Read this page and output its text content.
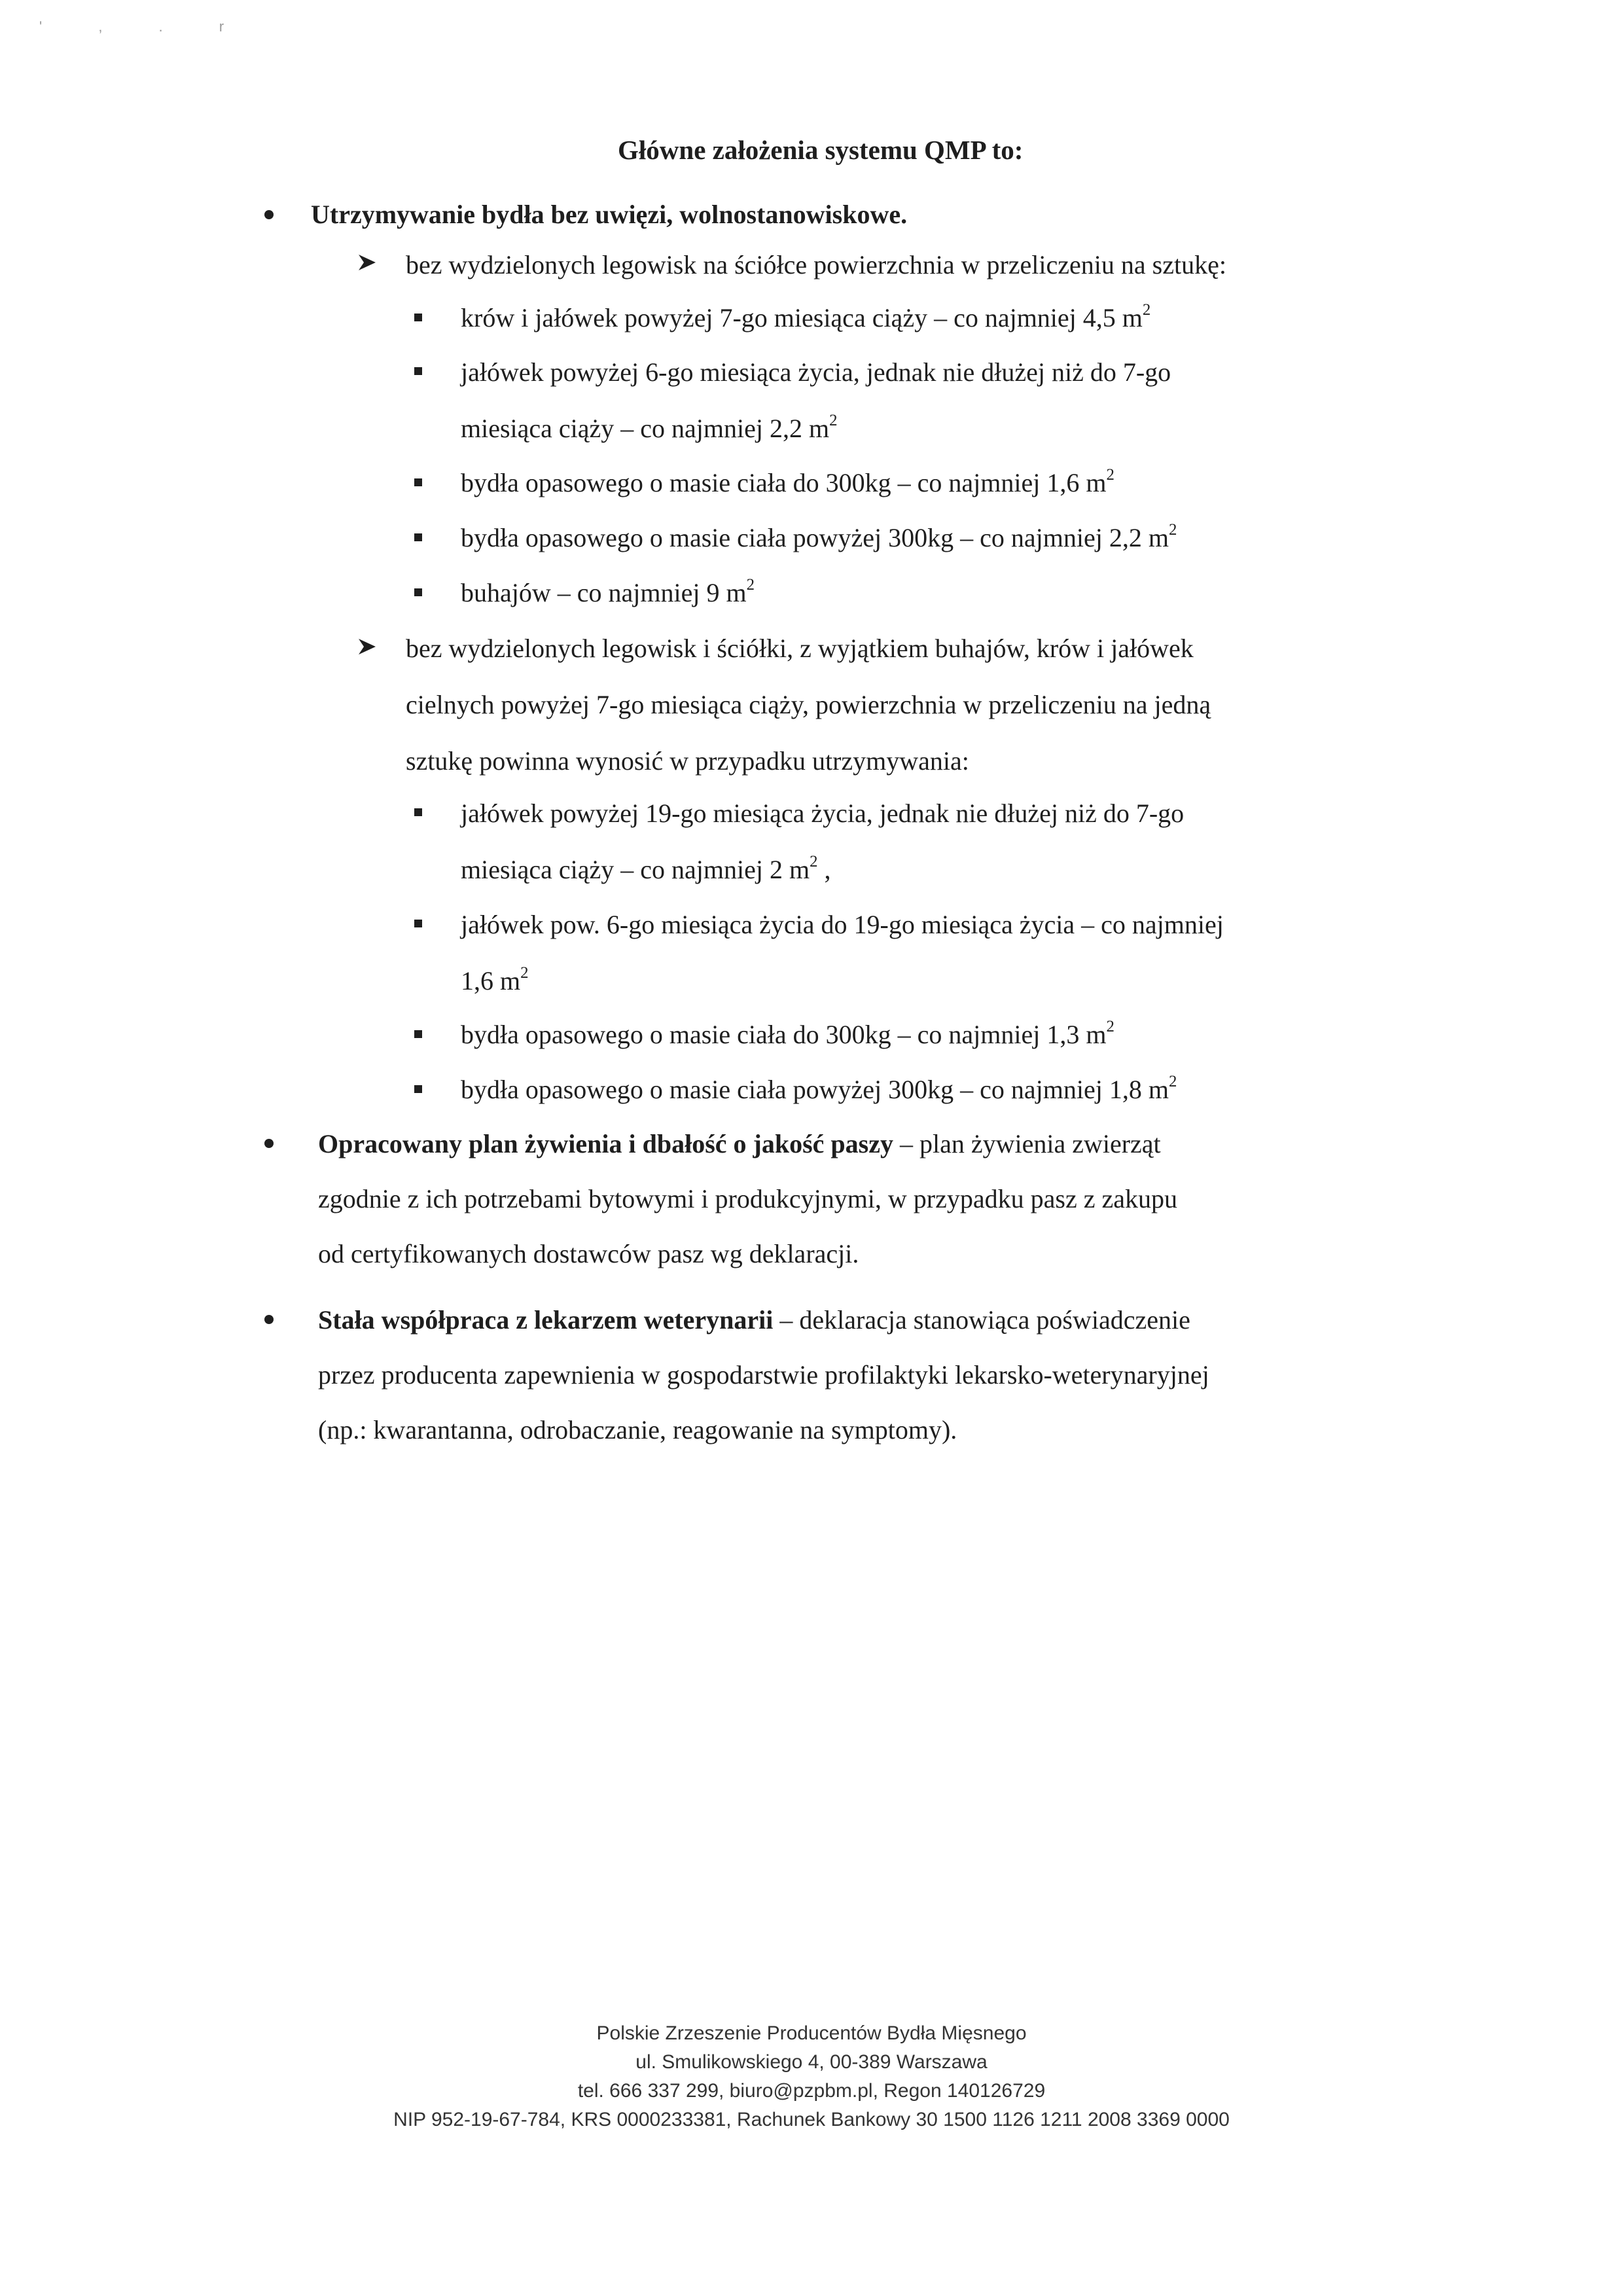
' , . r
Główne założenia systemu QMP to:
Utrzymywanie bydła bez uwięzi, wolnostanowiskowe.
bez wydzielonych legowisk na ściółce powierzchnia w przeliczeniu na sztukę:
krów i jałówek powyżej 7-go miesiąca ciąży – co najmniej 4,5 $m^2$
jałówek powyżej 6-go miesiąca życia, jednak nie dłużej niż do 7-go
miesiąca ciąży – co najmniej 2,2 $m^2$
bydła opasowego o masie ciała do 300kg – co najmniej 1,6 $m^2$
bydła opasowego o masie ciała powyżej 300kg – co najmniej 2,2 $m^2$
buhajów – co najmniej 9 $m^2$
bez wydzielonych legowisk i ściółki, z wyjątkiem buhajów, krów i jałówek
cielnych powyżej 7-go miesiąca ciąży, powierzchnia w przeliczeniu na jedną
sztukę powinna wynosić w przypadku utrzymywania:
jałówek powyżej 19-go miesiąca życia, jednak nie dłużej niż do 7-go
miesiąca ciąży – co najmniej 2 $m^2$ ,
jałówek pow. 6-go miesiąca życia do 19-go miesiąca życia – co najmniej
1,6 $m^2$
bydła opasowego o masie ciała do 300kg – co najmniej 1,3 $m^2$
bydła opasowego o masie ciała powyżej 300kg – co najmniej 1,8 $m^2$
Opracowany plan żywienia i dbałość o jakość paszy – plan żywienia zwierząt
zgodnie z ich potrzebami bytowymi i produkcyjnymi, w przypadku pasz z zakupu
od certyfikowanych dostawców pasz wg deklaracji.
Stała współpraca z lekarzem weterynarii – deklaracja stanowiąca poświadczenie
przez producenta zapewnienia w gospodarstwie profilaktyki lekarsko-weterynaryjnej
(np.: kwarantanna, odrobaczanie, reagowanie na symptomy).
Polskie Zrzeszenie Producentów Bydła Mięsnego
ul. Smulikowskiego 4, 00-389 Warszawa
tel. 666 337 299, biuro@pzpbm.pl, Regon 140126729
NIP 952-19-67-784, KRS 0000233381, Rachunek Bankowy 30 1500 1126 1211 2008 3369 0000
